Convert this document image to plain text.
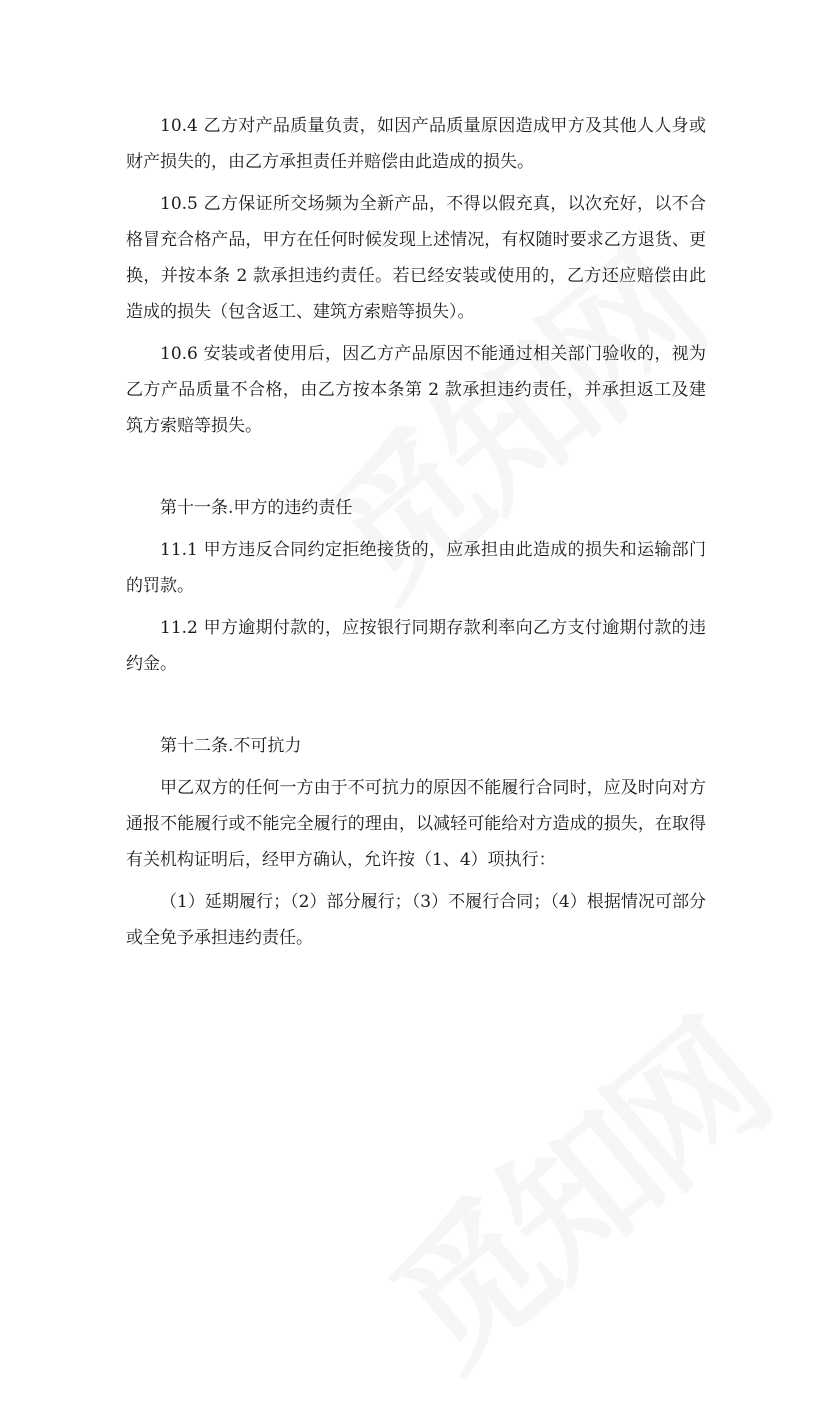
10.4 乙方对产品质量负责，如因产品质量原因造成甲方及其他人人身或财产损失的，由乙方承担责任并赔偿由此造成的损失。

10.5 乙方保证所交场频为全新产品，不得以假充真，以次充好，以不合格冒充合格产品，甲方在任何时候发现上述情况，有权随时要求乙方退货、更换，并按本条 2 款承担违约责任。若已经安装或使用的，乙方还应赔偿由此造成的损失（包含返工、建筑方索赔等损失）。

10.6 安装或者使用后，因乙方产品原因不能通过相关部门验收的，视为乙方产品质量不合格，由乙方按本条第 2 款承担违约责任，并承担返工及建筑方索赔等损失。

第十一条.甲方的违约责任

11.1 甲方违反合同约定拒绝接货的，应承担由此造成的损失和运输部门的罚款。

11.2 甲方逾期付款的，应按银行同期存款利率向乙方支付逾期付款的违约金。

第十二条.不可抗力

甲乙双方的任何一方由于不可抗力的原因不能履行合同时，应及时向对方通报不能履行或不能完全履行的理由，以减轻可能给对方造成的损失，在取得有关机构证明后，经甲方确认，允许按（1、4）项执行：

（1）延期履行；（2）部分履行；（3）不履行合同；（4）根据情况可部分或全免予承担违约责任。
